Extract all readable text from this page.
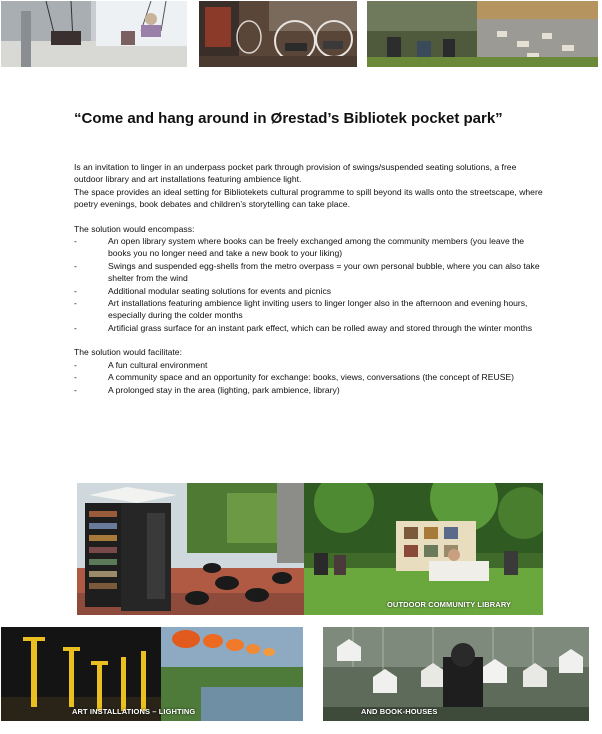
“Come and hang around in Ørestad’s Bibliotek pocket park”

Is an invitation to linger in an underpass pocket park through provision of swings/suspended seating solutions, a free outdoor library and art installations featuring ambience light.

The space provides an ideal setting for Bibliotekets cultural programme to spill beyond its walls onto the streetscape, where poetry evenings, book debates and children’s storytelling can take place.

The solution would encompass:

-	An open library system where books can be freely exchanged among the community members (you leave the books you no longer need and take a new book to your liking)
-	Swings and suspended egg-shells from the metro overpass = your own personal bubble, where you can also take shelter from the wind
-	Additional modular seating solutions for events and picnics
-	Art installations featuring ambience light inviting users to linger longer also in the afternoon and evening hours, especially during the colder months
-	Artificial grass surface for an instant park effect, which can be rolled away and stored through the winter months

The solution would facilitate:

-	A fun cultural environment
-	A community space and an opportunity for exchange: books, views, conversations (the concept of REUSE)
-	A prolonged stay in the area (lighting, park ambience, library)
OUTDOOR COMMUNITY LIBRARY
ART INSTALLATIONS – LIGHTING	AND BOOK-HOUSES
